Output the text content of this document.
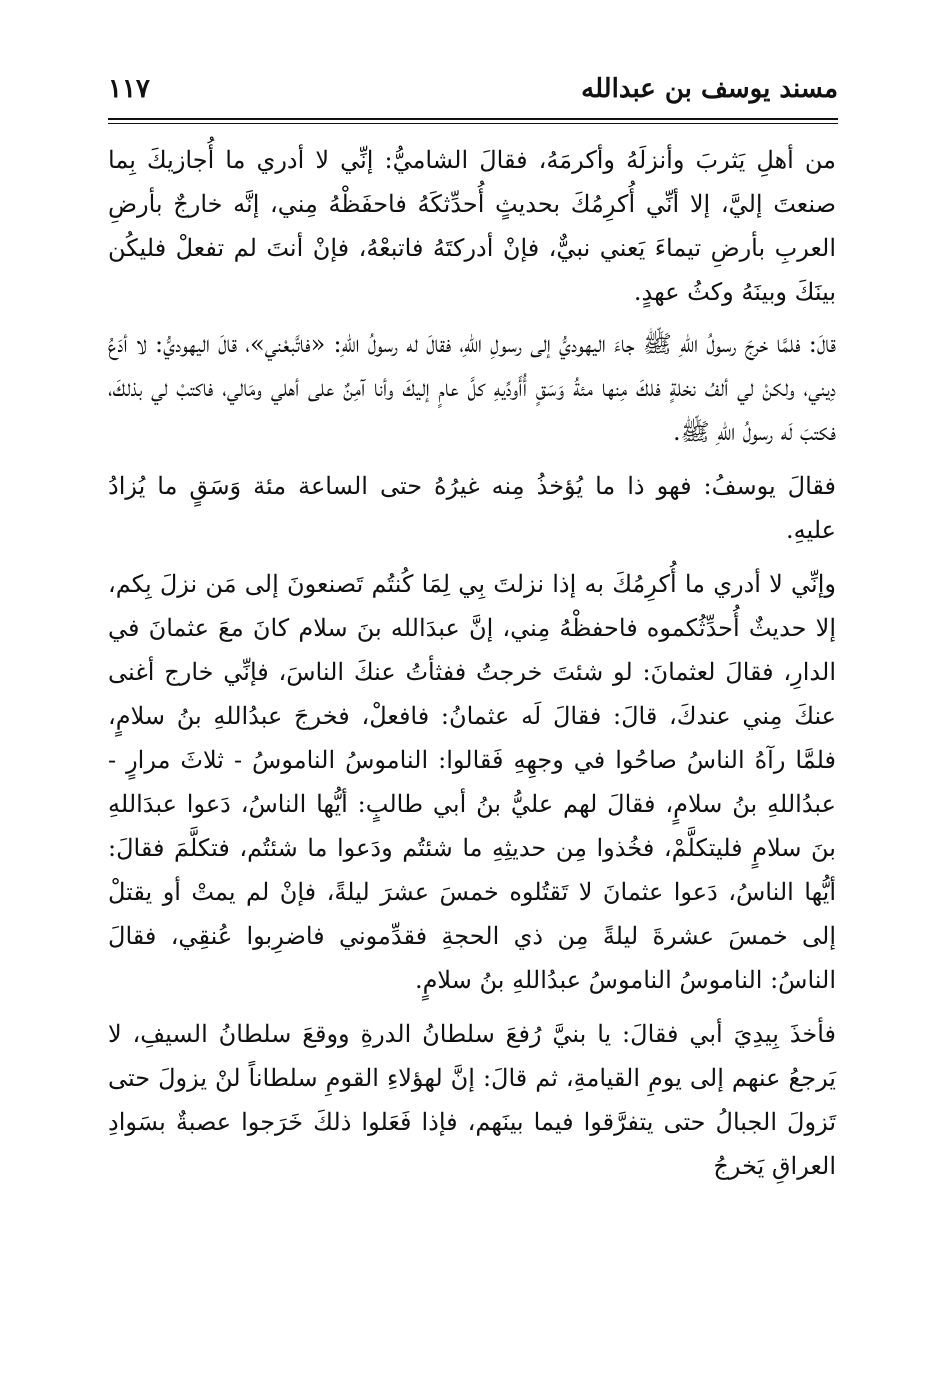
مسند يوسف بن عبدالله
١١٧

من أهلِ يَثربَ وأنزلَهُ وأكرمَهُ، فقالَ الشاميُّ: إنِّي لا أدري ما أُجازيكَ بِما صنعتَ إليَّ، إلا أنِّي أُكرِمُكَ بحديثٍ أُحدِّثكَهُ فاحفَظْهُ مِني، إنَّه خارجٌ بأرضِ العربِ بأرضِ تيماءَ يَعني نبيٌّ، فإنْ أدركتَهُ فاتبعْهُ، فإنْ أنتَ لم تفعلْ فليكُن بينَكَ وبينَهُ وكثُ عهدٍ.

قالَ: فلمَّا خرجَ رسولُ اللهِ ﷺ جاءَ اليهوديُّ إلى رسولِ اللهِ، فقالَ له رسولُ اللهِ: «فاتَّبعْني»، قالَ اليهوديُّ: لا أدَعُ دِيني، ولكنْ لي ألفُ نخلةٍ فلكَ مِنها مئةُ وَسَقٍ أُأَودِّيهِ كلَّ عامٍ إليكَ وأنا آمِنٌ على أهلي ومَالي، فاكتبْ لي بذلكَ، فكتبَ لَه رسولُ اللهِ ﷺ.

فقالَ يوسفُ: فهو ذا ما يُؤخذُ مِنه غيرُهُ حتى الساعة مئة وَسَقٍ ما يُزادُ عليهِ.

وإنِّي لا أدري ما أُكرِمُكَ به إذا نزلتَ بِي لِمَا كُنتُم تَصنعونَ إلى مَن نزلَ بِكم، إلا حديثٌ أُحدِّثُكموه فاحفظْهُ مِني، إنَّ عبدَالله بنَ سلام كانَ معَ عثمانَ في الدارِ، فقالَ لعثمانَ: لو شئتَ خرجتُ ففثأتُ عنكَ الناسَ، فإنِّي خارج أغنى عنكَ مِني عندكَ، قالَ: فقالَ لَه عثمانُ: فافعلْ، فخرجَ عبدُاللهِ بنُ سلامٍ، فلمَّا رآهُ الناسُ صاحُوا في وجهِهِ فَقالوا: الناموسُ الناموسُ - ثلاثَ مرارٍ - عبدُاللهِ بنُ سلامٍ، فقالَ لهم عليُّ بنُ أبي طالبٍ: أيُّها الناسُ، دَعوا عبدَاللهِ بنَ سلامٍ فليتكلَّمْ، فخُذوا مِن حديثِهِ ما شئتُم ودَعوا ما شئتُم، فتكلَّمَ فقالَ: أيُّها الناسُ، دَعوا عثمانَ لا تَقتُلوه خمسَ عشرَ ليلةً، فإنْ لم يمتْ أو يقتلْ إلى خمسَ عشرةَ ليلةً مِن ذي الحجةِ فقدِّموني فاضرِبوا عُنقِي، فقالَ الناسُ: الناموسُ الناموسُ عبدُاللهِ بنُ سلامٍ.

فأخذَ بِيدِيَ أبي فقالَ: يا بنيَّ رُفعَ سلطانُ الدرةِ ووقعَ سلطانُ السيفِ، لا يَرجعُ عنهم إلى يومِ القيامةِ، ثم قالَ: إنَّ لهؤلاءِ القومِ سلطاناً لنْ يزولَ حتى تَزولَ الجبالُ حتى يتفرَّقوا فيما بينَهم، فإذا فَعَلوا ذلكَ خَرَجوا عصبةٌ بسَوادِ العراقِ يَخرجُ
